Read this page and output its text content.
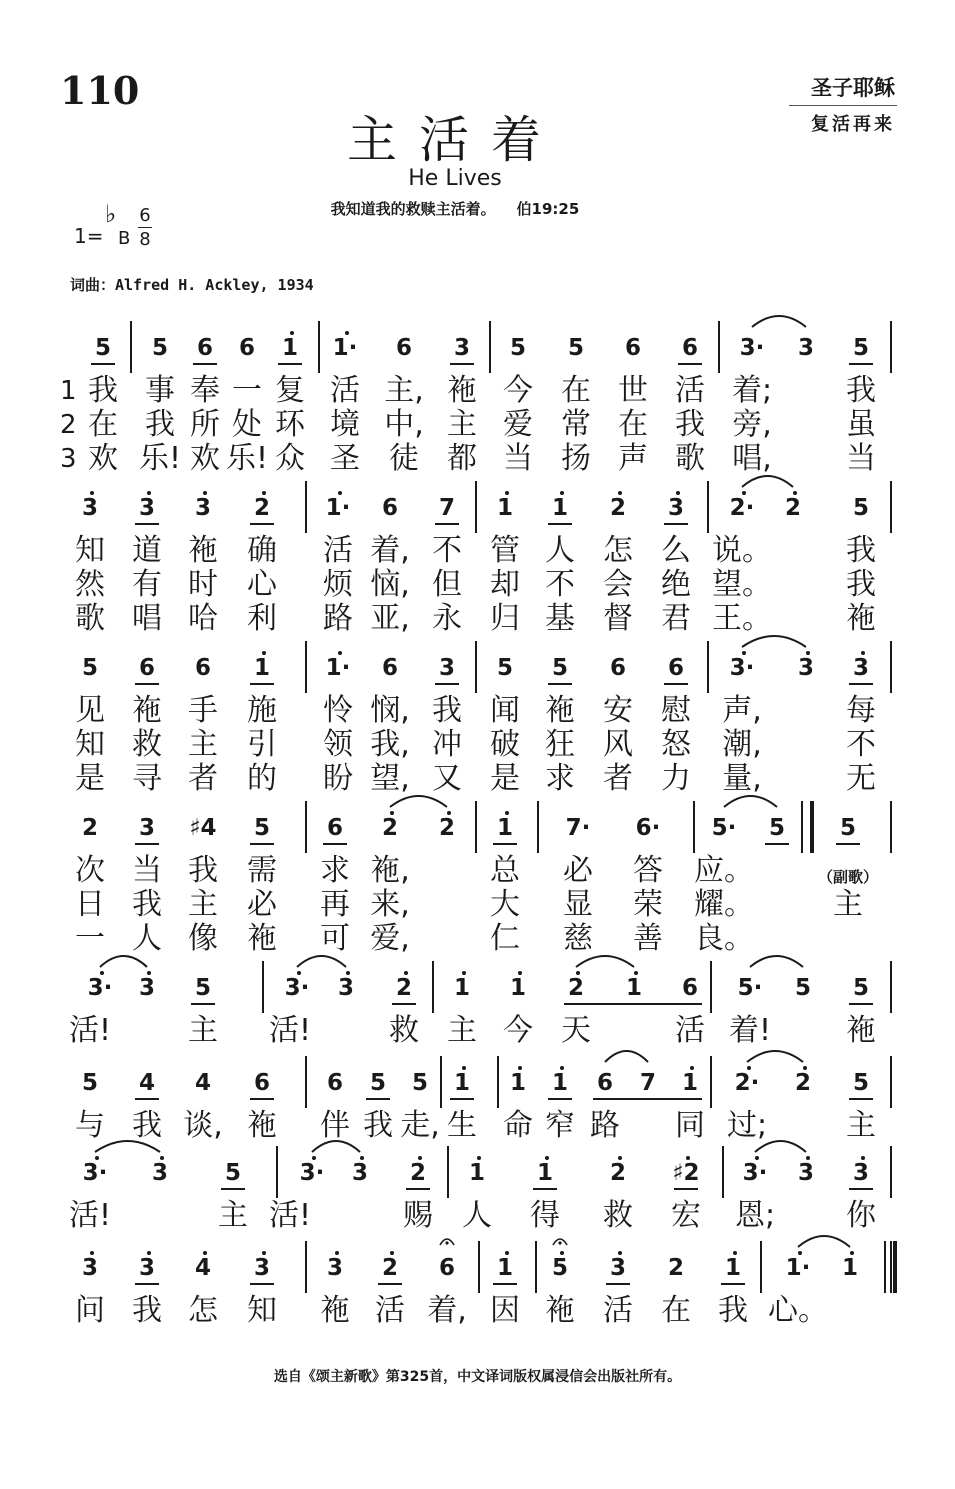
110
主活着
He Lives
我知道我的救赎主活着。    伯19:25
圣子耶稣
复活再来
1=
♭
B
6
8
词曲：Alfred H. Ackley, 1934
5 5 6 6 1 1· 6 3 5 5 6 6 3· 3 5
1 我 事 奉 一 复 活 主, 袘 今 在 世 活 着; 我
2 在 我 所 处 环 境 中, 主 爱 常 在 我 旁, 虽
3 欢 乐! 欢 乐! 众 圣 徒 都 当 扬 声 歌 唱, 当
3 3 3 2 1· 6 7 1 1 2 3 2· 2 5
知 道 袘 确 活 着, 不 管 人 怎 么 说。 我
然 有 时 心 烦 恼, 但 却 不 会 绝 望。 我
歌 唱 哈 利 路 亚, 永 归 基 督 君 王。 袘
5 6 6 1 1· 6 3 5 5 6 6 3· 3 3
见 袘 手 施 怜 悯, 我 闻 袘 安 慰 声,	每
知 救 主 引 领 我, 冲 破 狂 风 怒 潮,	不
是 寻 者 的 盼 望, 又 是 求 者 力 量,	无
2 3 ♯4 5 6 2 2 1 7· 6· 5· 5 5
次 当 我 需 求 袘,	总 必 答 应。
日 我 主 必 再 来,	大 显 荣 耀。	主
一 人 像 袘 可 爱,	仁 慈 善 良。
（副歌）
3· 3 5	3· 3 2 1 1 2 1 6 5· 5 5
活!	主 活!	救 主 今 天	活 着! 袘
5 4 4 6 6 5 5 1 1 1 6 7 1 2· 2 5
与 我 谈, 袘 伴 我 走, 生 命 窄 路 同 过;	主
3· 3 5	3· 3 2 1 1 2 ♯2 3· 3 3
活!	主 活!	赐 人 得 救 宏 恩; 你
3 3 4 3 3 2 6 1 5 3 2 1 1· 1
问 我 怎 知 袘 活 着, 因 袘 活 在 我 心。
选自《颂主新歌》第325首，中文译词版权属浸信会出版社所有。
